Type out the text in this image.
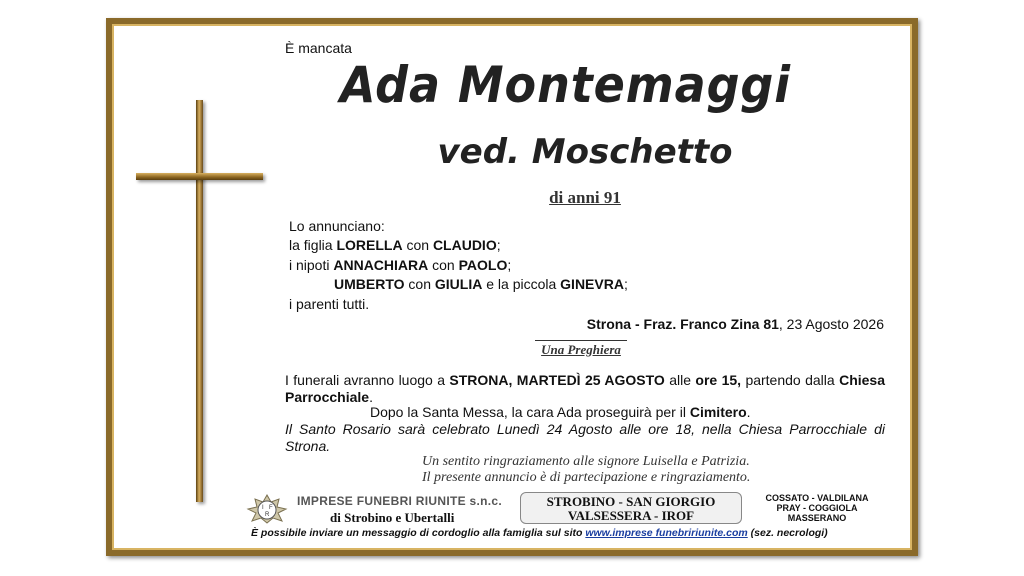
È mancata
Ada Montemaggi
ved. Moschetto
di anni 91
Lo annunciano:
la figlia LORELLA con CLAUDIO;
i nipoti ANNACHIARA con PAOLO;
UMBERTO con GIULIA e la piccola GINEVRA;
i parenti tutti.
Strona - Fraz. Franco Zina 81, 23 Agosto 2026
Una Preghiera
I funerali avranno luogo a STRONA, MARTEDÌ 25 AGOSTO alle ore 15, partendo dalla Chiesa Parrocchiale.
Dopo la Santa Messa, la cara Ada proseguirà per il Cimitero.
Il Santo Rosario sarà celebrato Lunedì 24 Agosto alle ore 18, nella Chiesa Parrocchiale di Strona.
Un sentito ringraziamento alle signore Luisella e Patrizia.
Il presente annuncio è di partecipazione e ringraziamento.
I F
R
IMPRESE FUNEBRI RIUNITE s.n.c.
di Strobino e Ubertalli
STROBINO - SAN GIORGIO
VALSESSERA - IROF
COSSATO - VALDILANA
PRAY - COGGIOLA
MASSERANO
È possibile inviare un messaggio di cordoglio alla famiglia sul sito www.imprese funebririunite.com (sez. necrologi)
